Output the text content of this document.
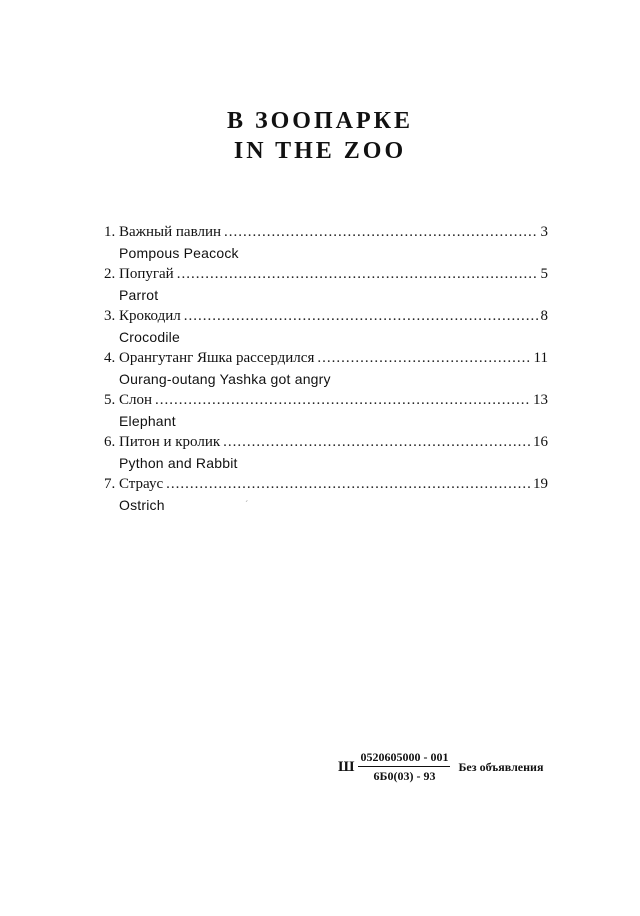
В ЗООПАРКЕ
IN THE ZOO
1. Важный павлин .....	3
Pompous Peacock
2. Попугай .....	5
Parrot
3. Крокодил .....	8
Crocodile
4. Орангутанг Яшка рассердился .....	11
Ourang-outang Yashka got angry
5. Слон .....	13
Elephant
6. Питон и кролик .....	16
Python and Rabbit
7. Страус .....	19
Ostrich	´
Ш $\frac{0520605000 - 001}{6Б0(03) - 93}$ Без объявления
